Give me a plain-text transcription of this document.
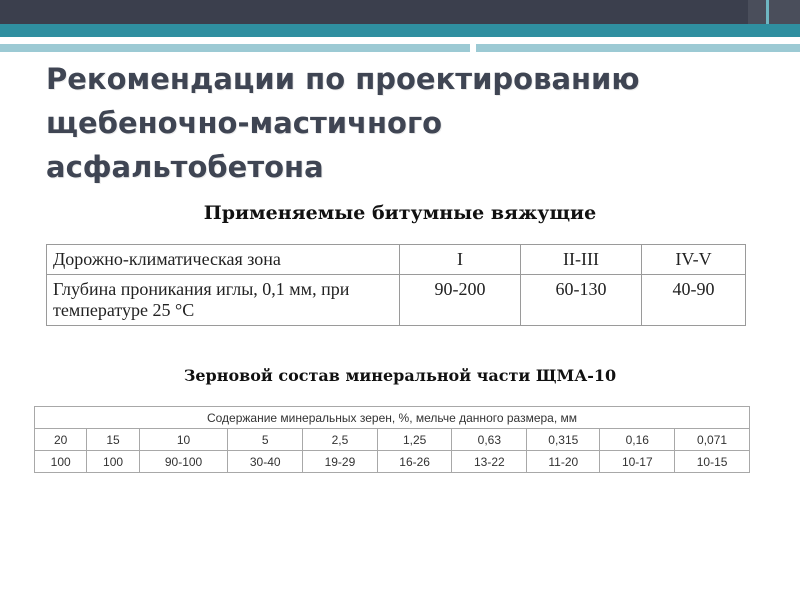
Рекомендации по проектированию
щебеночно-мастичного
асфальтобетона
Применяемые битумные вяжущие
Дорожно-климатическая зона	I	II-III	IV-V
Глубина проникания иглы, 0,1 мм, при температуре 25 °С	90-200	60-130	40-90
Зерновой состав минеральной части ЩМА-10
Содержание минеральных зерен, %, мельче данного размера, мм									
20	15	10	5	2,5	1,25	0,63	0,315	0,16	0,071
100	100	90-100	30-40	19-29	16-26	13-22	11-20	10-17	10-15
